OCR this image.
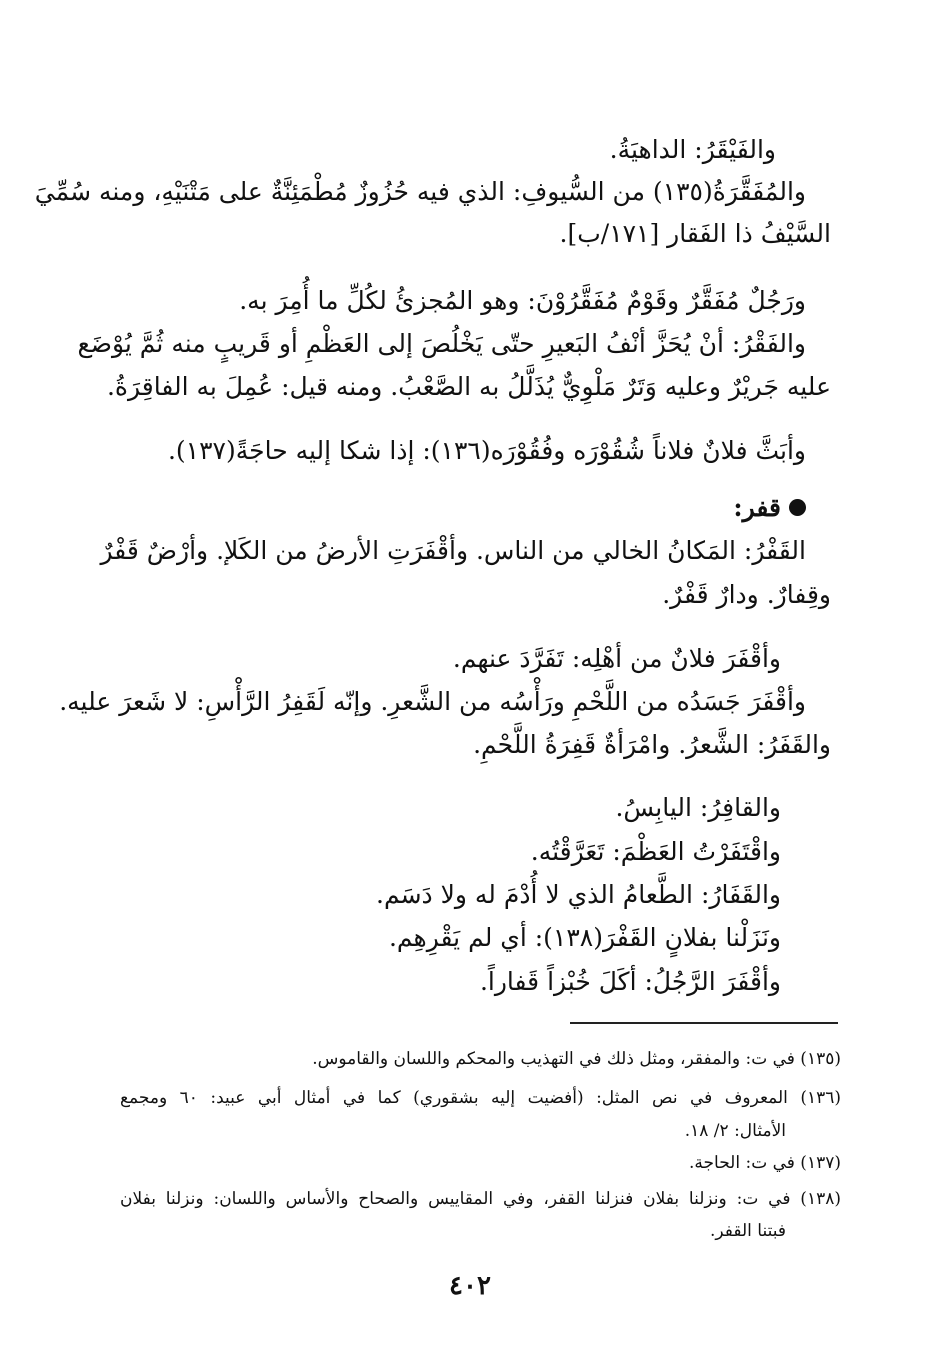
والفَيْقَرُ: الداهيَةُ.
والمُفَقَّرَةُ(١٣٥) من السُّيوفِ: الذي فيه حُزُوزٌ مُطْمَئِنَّةٌ على مَتْنَيْهِ، ومنه سُمِّيَ
السَّيْفُ ذا الفَقار [١٧١/ب].
ورَجُلٌ مُفَقَّرٌ وقَوْمٌ مُفَقَّرُوْنَ: وهو المُجزئُ لكُلِّ ما أُمِرَ به.
والفَقْرُ: أنْ يُحَزَّ أنْفُ البَعيرِ حتّى يَخْلُصَ إلى العَظْمِ أو قَريبٍ منه ثُمَّ يُوْضَع
عليه جَريْرٌ وعليه وَتَرٌ مَلْوِيٌّ يُذَلَّلُ به الصَّعْبُ. ومنه قيل: عُمِلَ به الفاقِرَةُ.
وأبَثَّ فلانٌ فلاناً شُقُوْرَه وفُقُوْرَه(١٣٦): إذا شكا إليه حاجَةً(١٣٧).
قفر:
القَفْرُ: المَكانُ الخالي من الناس. وأقْفَرَتِ الأرضُ من الكَلإ. وأرْضٌ قَفْرٌ
وقِفارٌ. ودارٌ قَفْرٌ.
وأقْفَرَ فلانٌ من أهْلِه: تَفَرَّدَ عنهم.
وأقْفَرَ جَسَدُه من اللَّحْمِ ورَأْسُه من الشَّعرِ. وإنّه لَقَفِرُ الرَّأْسِ: لا شَعرَ عليه.
والقَفَرُ: الشَّعرُ. وامْرَأةٌ قَفِرَةُ اللَّحْمِ.
والقافِرُ: اليابِسُ.
واقْتَفَرْتُ العَظْمَ: تَعَرَّقْتُه.
والقَفَارُ: الطَّعامُ الذي لا أُدْمَ له ولا دَسَم.
ونَزَلْنا بفلانٍ القَفْرَ(١٣٨): أي لم يَقْرِهِم.
وأقْفَرَ الرَّجُلُ: أكَلَ خُبْزاً قَفاراً.
(١٣٥) في ت: والمفقر، ومثل ذلك في التهذيب والمحكم واللسان والقاموس.
(١٣٦) المعروف في نص المثل: (أفضيت إليه بشقوري) كما في أمثال أبي عبيد: ٦٠ ومجمع
الأمثال: ٢/ ١٨.
(١٣٧) في ت: الحاجة.
(١٣٨) في ت: ونزلنا بفلان فنزلنا القفر، وفي المقاييس والصحاح والأساس واللسان: ونزلنا بفلان
فبتنا القفر.
٤٠٢
